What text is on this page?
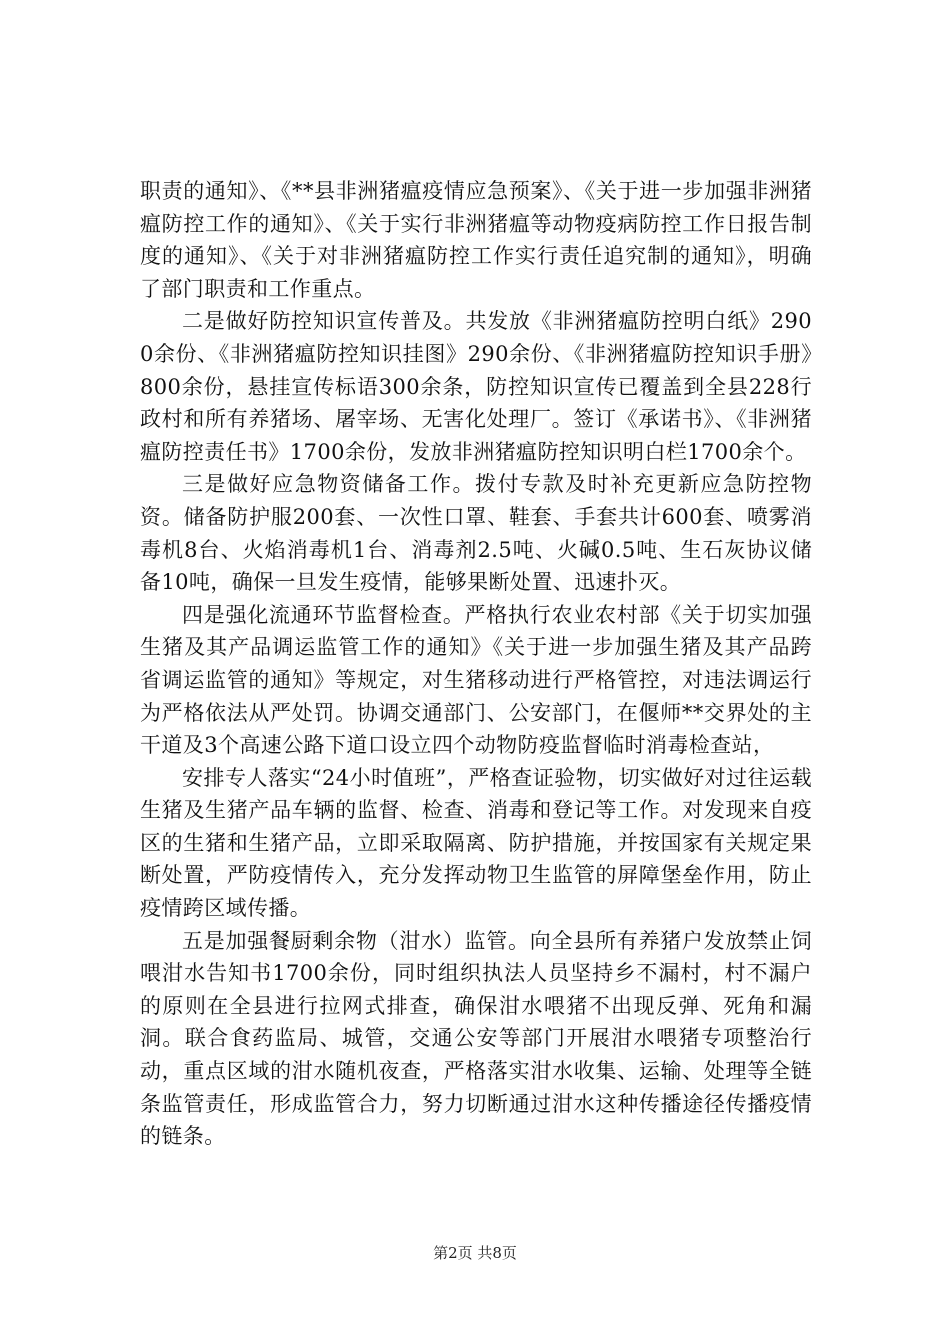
职责的通知》、《**县非洲猪瘟疫情应急预案》、《关于进一步加强非洲猪瘟防控工作的通知》、《关于实行非洲猪瘟等动物疫病防控工作日报告制度的通知》、《关于对非洲猪瘟防控工作实行责任追究制的通知》，明确了部门职责和工作重点。

二是做好防控知识宣传普及。共发放《非洲猪瘟防控明白纸》2900余份、《非洲猪瘟防控知识挂图》290余份、《非洲猪瘟防控知识手册》800余份，悬挂宣传标语300余条，防控知识宣传已覆盖到全县228行政村和所有养猪场、屠宰场、无害化处理厂。签订《承诺书》、《非洲猪瘟防控责任书》1700余份，发放非洲猪瘟防控知识明白栏1700余个。

三是做好应急物资储备工作。拨付专款及时补充更新应急防控物资。储备防护服200套、一次性口罩、鞋套、手套共计600套、喷雾消毒机8台、火焰消毒机1台、消毒剂2.5吨、火碱0.5吨、生石灰协议储备10吨，确保一旦发生疫情，能够果断处置、迅速扑灭。

四是强化流通环节监督检查。严格执行农业农村部《关于切实加强生猪及其产品调运监管工作的通知》《关于进一步加强生猪及其产品跨省调运监管的通知》等规定，对生猪移动进行严格管控，对违法调运行为严格依法从严处罚。协调交通部门、公安部门，在偃师**交界处的主干道及3个高速公路下道口设立四个动物防疫监督临时消毒检查站，

安排专人落实“24小时值班”，严格查证验物，切实做好对过往运载生猪及生猪产品车辆的监督、检查、消毒和登记等工作。对发现来自疫区的生猪和生猪产品，立即采取隔离、防护措施，并按国家有关规定果断处置，严防疫情传入，充分发挥动物卫生监管的屏障堡垒作用，防止疫情跨区域传播。

五是加强餐厨剩余物（泔水）监管。向全县所有养猪户发放禁止饲喂泔水告知书1700余份，同时组织执法人员坚持乡不漏村，村不漏户的原则在全县进行拉网式排查，确保泔水喂猪不出现反弹、死角和漏洞。联合食药监局、城管，交通公安等部门开展泔水喂猪专项整治行动，重点区域的泔水随机夜查，严格落实泔水收集、运输、处理等全链条监管责任，形成监管合力，努力切断通过泔水这种传播途径传播疫情的链条。

第2页 共8页
